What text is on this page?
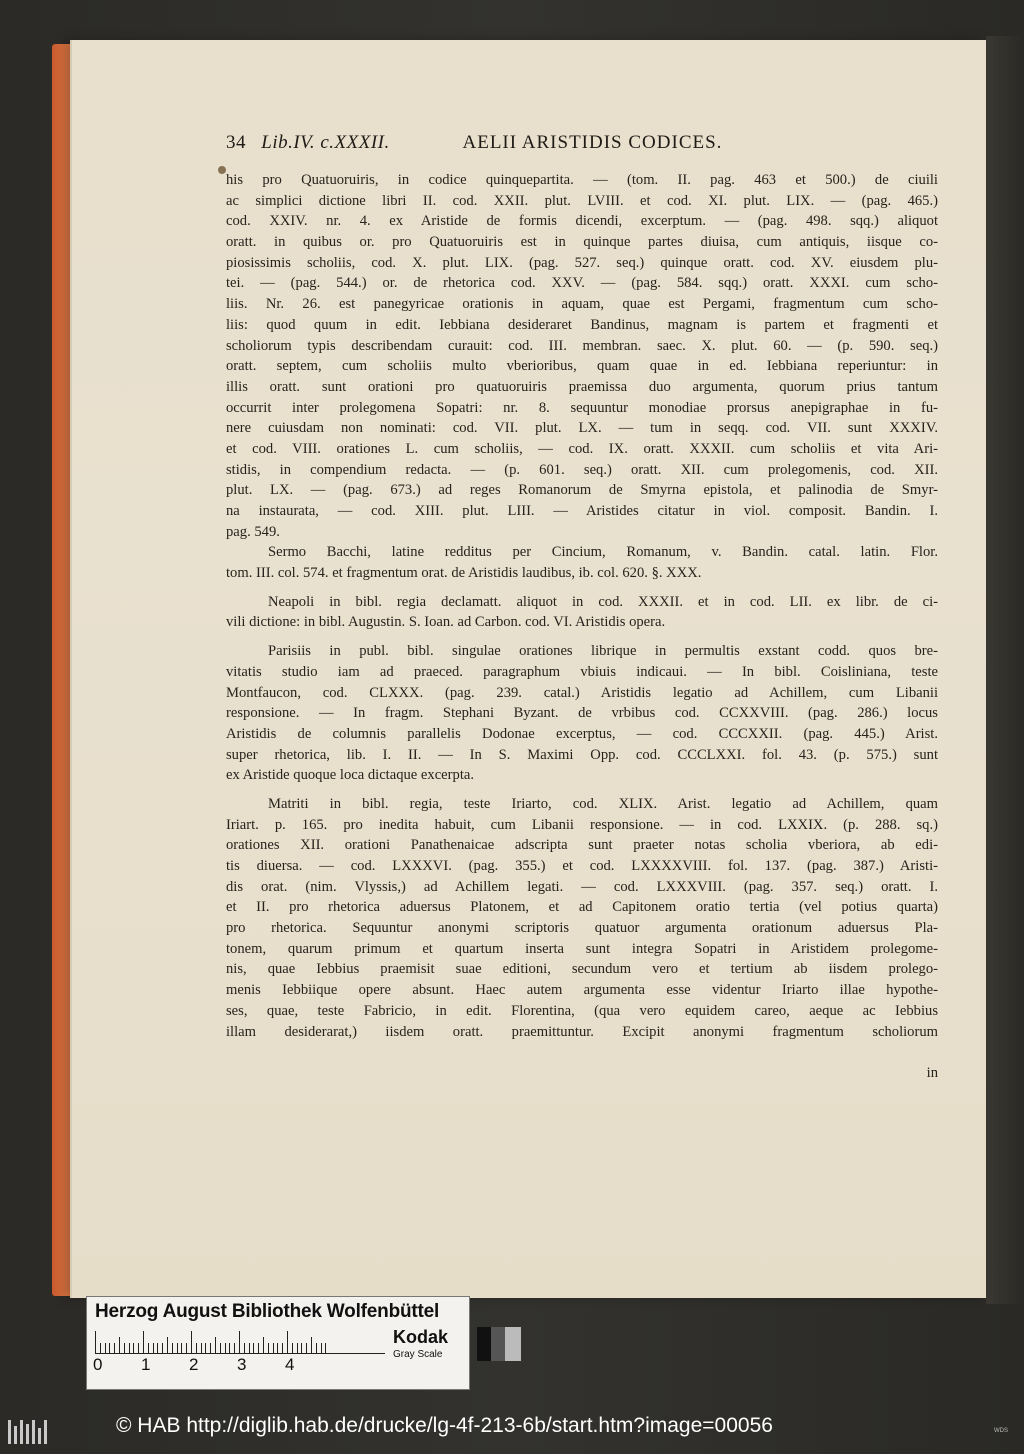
34 Lib.IV. c.XXXII.	AELII ARISTIDIS CODICES.
his pro Quatuoruiris, in codice quinquepartita. — (tom. II. pag. 463 et 500.) de ciuili
ac simplici dictione libri II. cod. XXII. plut. LVIII. et cod. XI. plut. LIX. — (pag. 465.)
cod. XXIV. nr. 4. ex Aristide de formis dicendi, excerptum. — (pag. 498. sqq.) aliquot
oratt. in quibus or. pro Quatuoruiris est in quinque partes diuisa, cum antiquis, iisque co-
piosissimis scholiis, cod. X. plut. LIX. (pag. 527. seq.) quinque oratt. cod. XV. eiusdem plu-
tei. — (pag. 544.) or. de rhetorica cod. XXV. — (pag. 584. sqq.) oratt. XXXI. cum scho-
liis. Nr. 26. est panegyricae orationis in aquam, quae est Pergami, fragmentum cum scho-
liis: quod quum in edit. Iebbiana desideraret Bandinus, magnam is partem et fragmenti et
scholiorum typis describendam curauit: cod. III. membran. saec. X. plut. 60. — (p. 590. seq.)
oratt. septem, cum scholiis multo vberioribus, quam quae in ed. Iebbiana reperiuntur: in
illis oratt. sunt orationi pro quatuoruiris praemissa duo argumenta, quorum prius tantum
occurrit inter prolegomena Sopatri: nr. 8. sequuntur monodiae prorsus anepigraphae in fu-
nere cuiusdam non nominati: cod. VII. plut. LX. — tum in seqq. cod. VII. sunt XXXIV.
et cod. VIII. orationes L. cum scholiis, — cod. IX. oratt. XXXII. cum scholiis et vita Ari-
stidis, in compendium redacta. — (p. 601. seq.) oratt. XII. cum prolegomenis, cod. XII.
plut. LX. — (pag. 673.) ad reges Romanorum de Smyrna epistola, et palinodia de Smyr-
na instaurata, — cod. XIII. plut. LIII. — Aristides citatur in viol. composit. Bandin. I.
pag. 549.
Sermo Bacchi, latine redditus per Cincium, Romanum, v. Bandin. catal. latin. Flor.
tom. III. col. 574. et fragmentum orat. de Aristidis laudibus, ib. col. 620. §. XXX.
Neapoli in bibl. regia declamatt. aliquot in cod. XXXII. et in cod. LII. ex libr. de ci-
vili dictione: in bibl. Augustin. S. Ioan. ad Carbon. cod. VI. Aristidis opera.
Parisiis in publ. bibl. singulae orationes librique in permultis exstant codd. quos bre-
vitatis studio iam ad praeced. paragraphum vbiuis indicaui. — In bibl. Coisliniana, teste
Montfaucon, cod. CLXXX. (pag. 239. catal.) Aristidis legatio ad Achillem, cum Libanii
responsione. — In fragm. Stephani Byzant. de vrbibus cod. CCXXVIII. (pag. 286.) locus
Aristidis de columnis parallelis Dodonae excerptus, — cod. CCCXXII. (pag. 445.) Arist.
super rhetorica, lib. I. II. — In S. Maximi Opp. cod. CCCLXXI. fol. 43. (p. 575.) sunt
ex Aristide quoque loca dictaque excerpta.
Matriti in bibl. regia, teste Iriarto, cod. XLIX. Arist. legatio ad Achillem, quam
Iriart. p. 165. pro inedita habuit, cum Libanii responsione. — in cod. LXXIX. (p. 288. sq.)
orationes XII. orationi Panathenaicae adscripta sunt praeter notas scholia vberiora, ab edi-
tis diuersa. — cod. LXXXVI. (pag. 355.) et cod. LXXXXVIII. fol. 137. (pag. 387.) Aristi-
dis orat. (nim. Vlyssis,) ad Achillem legati. — cod. LXXXVIII. (pag. 357. seq.) oratt. I.
et II. pro rhetorica aduersus Platonem, et ad Capitonem oratio tertia (vel potius quarta)
pro rhetorica. Sequuntur anonymi scriptoris quatuor argumenta orationum aduersus Pla-
tonem, quarum primum et quartum inserta sunt integra Sopatri in Aristidem prolegome-
nis, quae Iebbius praemisit suae editioni, secundum vero et tertium ab iisdem prolego-
menis Iebbiique opere absunt. Haec autem argumenta esse videntur Iriarto illae hypothe-
ses, quae, teste Fabricio, in edit. Florentina, (qua vero equidem careo, aeque ac Iebbius
illam desiderarat,) iisdem oratt. praemittuntur. Excipit anonymi fragmentum scholiorum
in
Herzog August Bibliothek Wolfenbüttel
0 1 2 3 4
Kodak
Gray Scale
© HAB http://diglib.hab.de/drucke/lg-4f-213-6b/start.htm?image=00056	WDS
